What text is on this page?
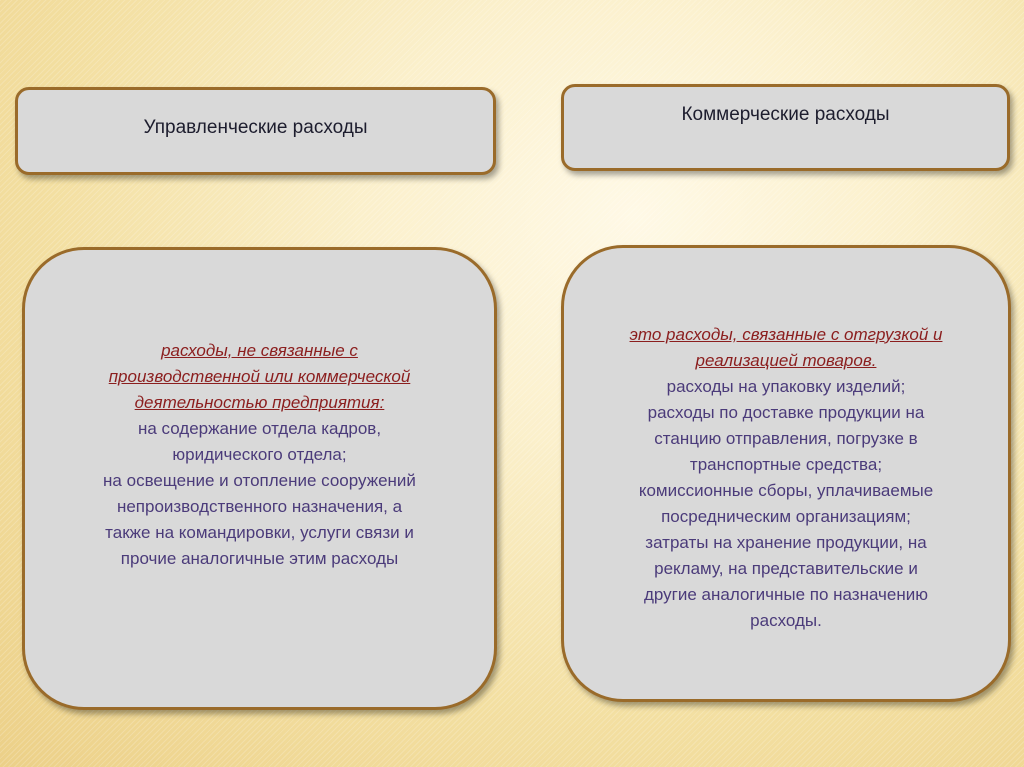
Управленческие расходы
Коммерческие расходы
расходы, не связанные с
производственной или коммерческой
деятельностью предприятия:
на содержание отдела кадров,
юридического отдела;
на освещение и отопление сооружений
непроизводственного назначения, а
также на командировки, услуги связи и
прочие аналогичные этим расходы
это расходы, связанные с отгрузкой и
реализацией товаров.
расходы на упаковку изделий;
расходы по доставке продукции на
станцию отправления, погрузке в
транспортные средства;
комиссионные сборы, уплачиваемые
посредническим организациям;
затраты на хранение продукции, на
рекламу, на представительские и
другие аналогичные по назначению
расходы.
